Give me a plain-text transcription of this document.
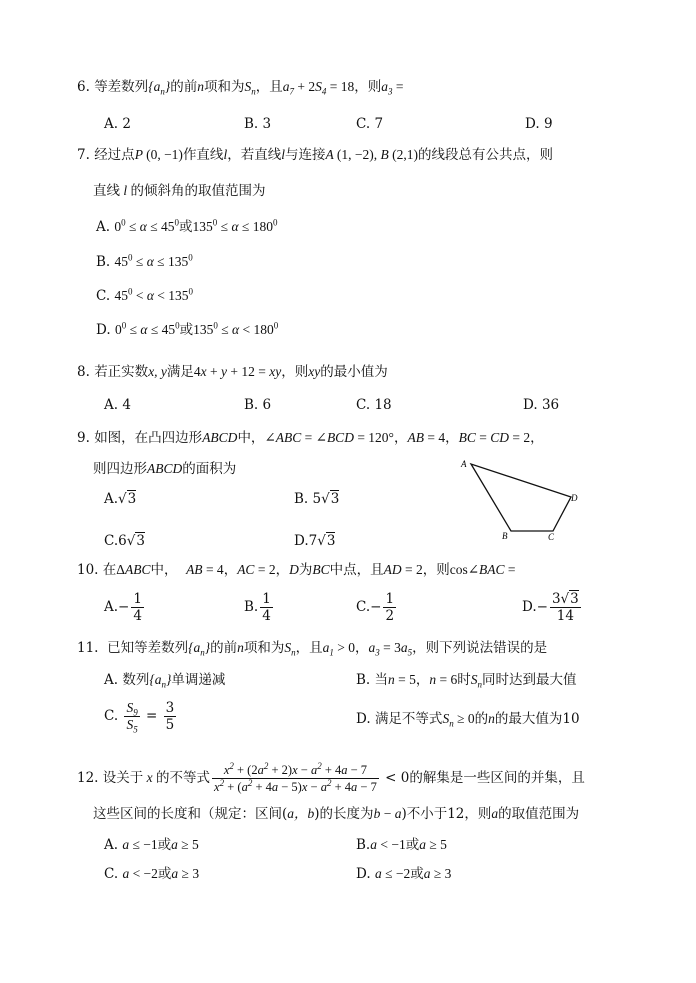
6. 等差数列$\{a_n\}$的前n项和为$S_n$，且$a_7 + 2S_4 = 18$，则$a_3$ =
A. 2	B. 3	C. 7	D. 9
7. 经过点P (0, −1)作直线l，若直线l与连接A (1, −2), B (2,1)的线段总有公共点，则
直线 l 的倾斜角的取值范围为
A. $0^0 \le \alpha \le 45^0$或$135^0 \le \alpha \le 180^0$
B. $45^0 \le \alpha \le 135^0$
C. $45^0 < \alpha < 135^0$
D. $0^0 \le \alpha \le 45^0$或$135^0 \le \alpha < 180^0$
8. 若正实数x, y满足4x + y + 12 = xy，则xy的最小值为
A. 4	B. 6	C. 18	D. 36
9. 如图，在凸四边形ABCD中，∠ABC = ∠BCD = 120°，AB = 4，BC = CD = 2，
则四边形ABCD的面积为
A.√3	B. 5√3
C.6√3	D.7√3
A
B	C
D
10. 在ΔABC中， AB = 4，AC = 2，D为BC中点，且AD = 2，则cos∠BAC =
$A.- \frac{1}{4}$	B. $\frac{1}{4}$	$C.- \frac{1}{2}$	$D.- \frac{3√3}{14}$
11. 已知等差数列$\{a_n\}$的前n项和为$S_n$，且$a_1 > 0$，$a_3 = 3a_5$，则下列说法错误的是
A. 数列$\{a_n\}$单调递减	B. 当n = 5，n = 6时$S_n$同时达到最大值
C. $\frac{S_9}{S_5} = \frac{3}{5}$	D. 满足不等式$S_n \ge 0$的n的最大值为10
12. 设关于 x 的不等式 $\frac{x^2 + (2a^2 + 2)x - a^2 + 4a - 7}{x^2 + (a^2 + 4a - 5)x - a^2 + 4a - 7} < 0$的解集是一些区间的并集，且
这些区间的长度和（规定：区间(a，b)的长度为b − a)不小于12，则a的取值范围为
A. a ≤ −1或a ≥ 5	B.a < −1或a ≥ 5
C. a < −2或a ≥ 3	D. a ≤ −2或a ≥ 3
